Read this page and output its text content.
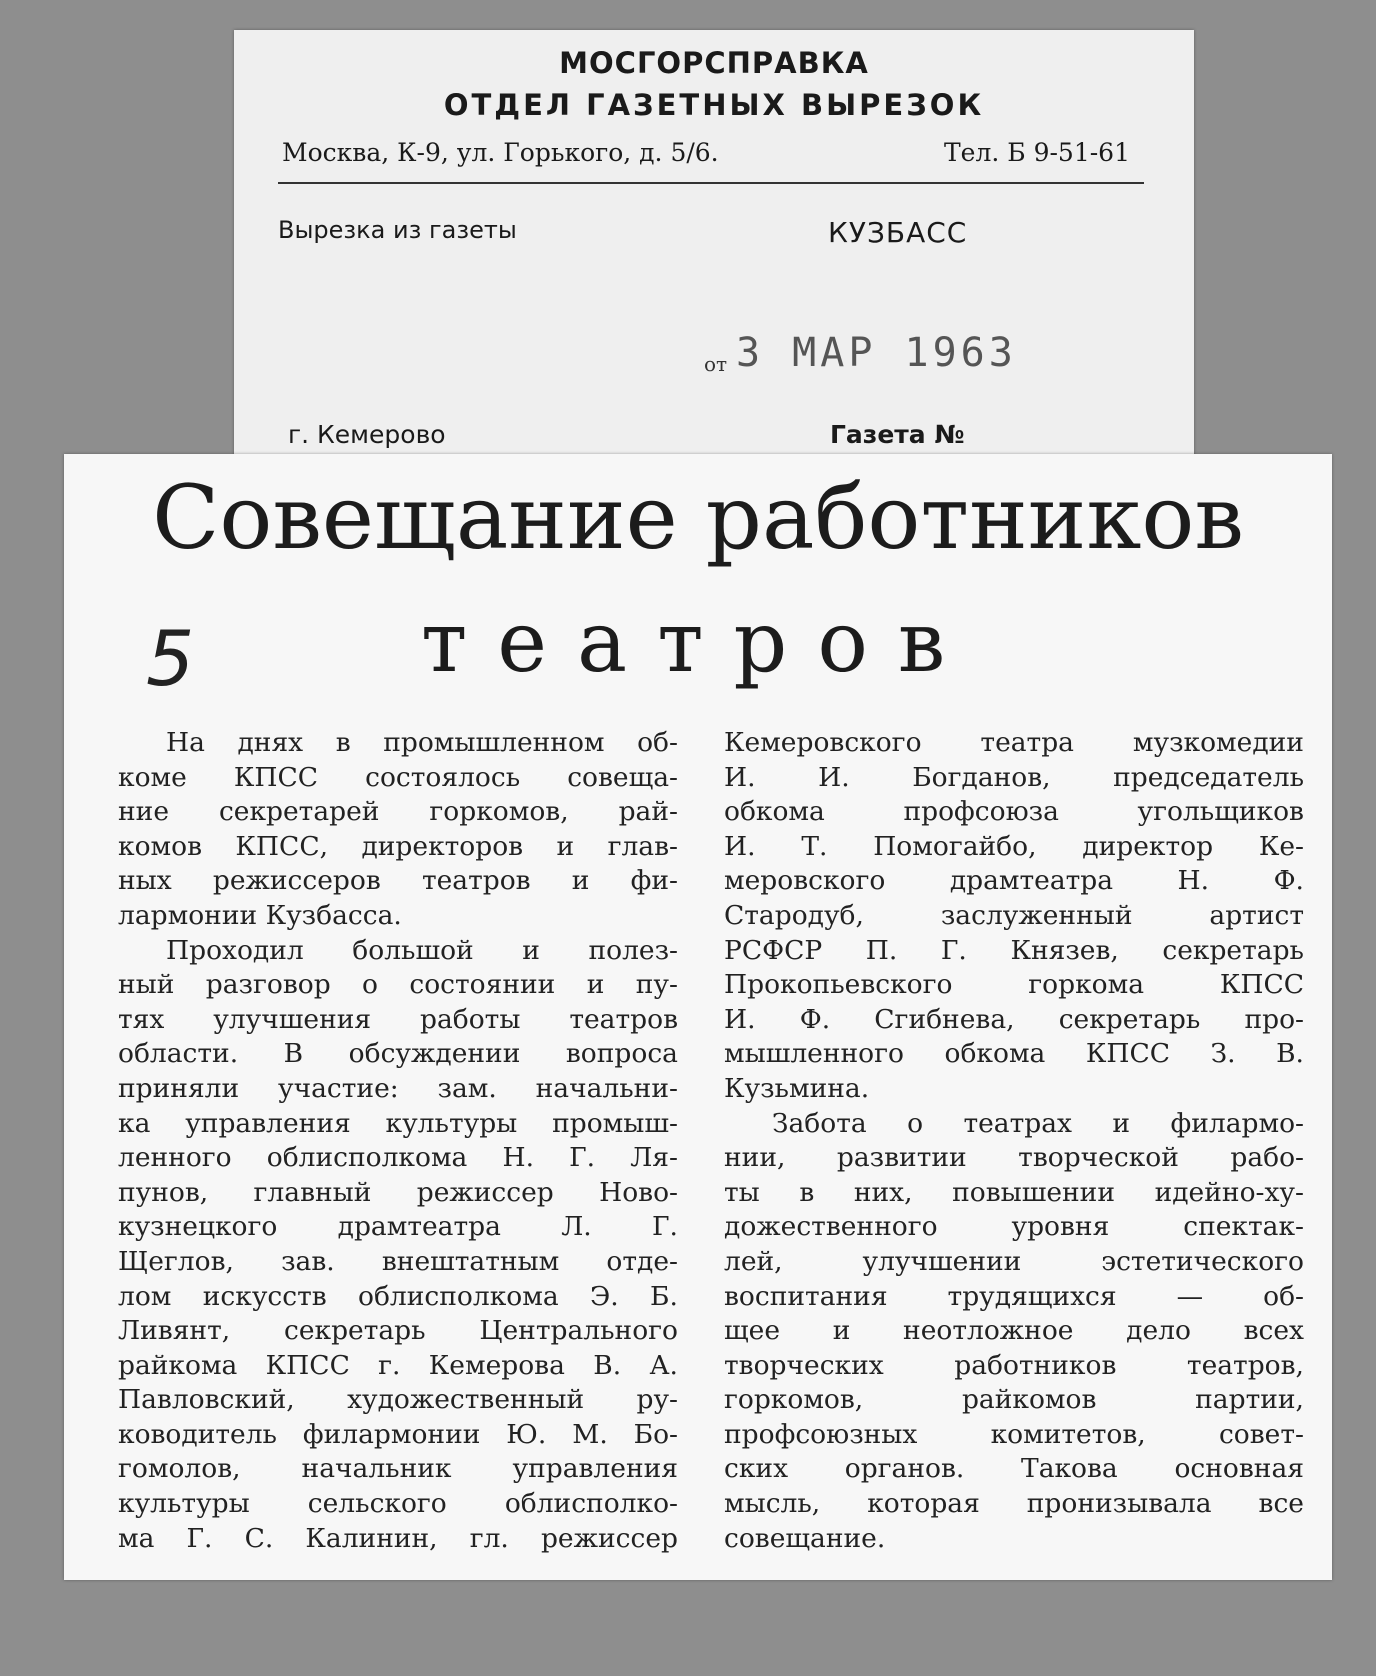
МОСГОРСПРАВКА
ОТДЕЛ ГАЗЕТНЫХ ВЫРЕЗОК
Москва, К-9, ул. Горького, д. 5/6.	Тел. Б 9-51-61
Вырезка из газеты	КУЗБАСС
от 3 МАР 1963
г. Кемерово	Газета №
Совещание работников
5	театров
На днях в промышленном об-
коме КПСС состоялось совеща-
ние секретарей горкомов, рай-
комов КПСС, директоров и глав-
ных режиссеров театров и фи-
лармонии Кузбасса.
Проходил большой и полез-
ный разговор о состоянии и пу-
тях улучшения работы театров
области. В обсуждении вопроса
приняли участие: зам. начальни-
ка управления культуры промыш-
ленного облисполкома Н. Г. Ля-
пунов, главный режиссер Ново-
кузнецкого драмтеатра Л. Г.
Щеглов, зав. внештатным отде-
лом искусств облисполкома Э. Б.
Ливянт, секретарь Центрального
райкома КПСС г. Кемерова В. А.
Павловский, художественный ру-
ководитель филармонии Ю. М. Бо-
гомолов, начальник управления
культуры сельского облисполко-
ма Г. С. Калинин, гл. режиссер
Кемеровского театра музкомедии
И. И. Богданов, председатель
обкома	профсоюза	угольщиков
И. Т. Помогайбо, директор Ке-
меровского драмтеатра Н. Ф.
Стародуб,	заслуженный	артист
РСФСР П. Г. Князев, секретарь
Прокопьевского	горкома	КПСС
И. Ф. Сгибнева, секретарь про-
мышленного обкома КПСС З. В.
Кузьмина.
Забота о театрах и филармо-
нии, развитии творческой рабо-
ты в них, повышении идейно-ху-
дожественного	уровня	спектак-
лей,	улучшении	эстетического
воспитания трудящихся — об-
щее и неотложное дело всех
творческих	работников	театров,
горкомов,	райкомов	партии,
профсоюзных	комитетов,	совет-
ских органов. Такова основная
мысль, которая пронизывала все
совещание.
